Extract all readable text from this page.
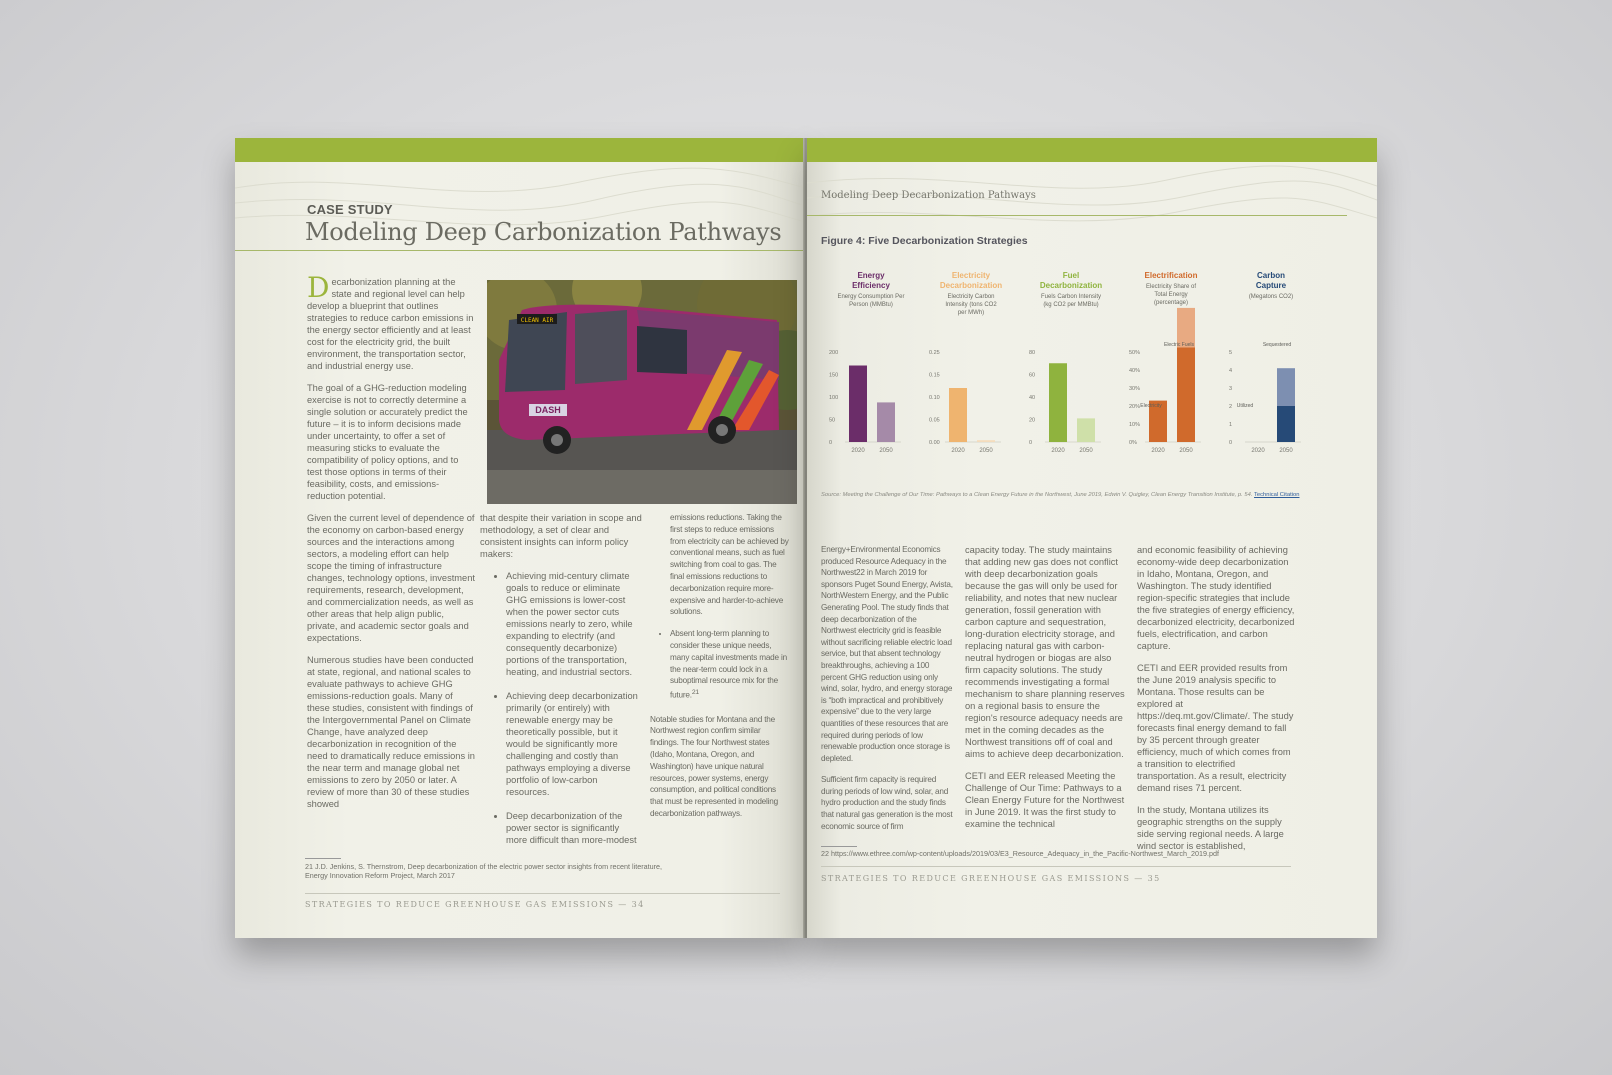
CASE STUDY
Modeling Deep Carbonization Pathways

Decarbonization planning at the state and regional level can help develop a blueprint that outlines strategies to reduce carbon emissions in the energy sector efficiently and at least cost for the electricity grid, the built environment, the transportation sector, and industrial energy use.

The goal of a GHG-reduction modeling exercise is not to correctly determine a single solution or accurately predict the future – it is to inform decisions made under uncertainty, to offer a set of measuring sticks to evaluate the compatibility of policy options, and to test those options in terms of their feasibility, costs, and emissions-reduction potential.

Given the current level of dependence of the economy on carbon-based energy sources and the interactions among sectors, a modeling effort can help scope the timing of infrastructure changes, technology options, investment requirements, research, development, and commercialization needs, as well as other areas that help align public, private, and academic sector goals and expectations.

Numerous studies have been conducted at state, regional, and national scales to evaluate pathways to achieve GHG emissions-reduction goals. Many of these studies, consistent with findings of the Intergovernmental Panel on Climate Change, have analyzed deep decarbonization in recognition of the need to dramatically reduce emissions in the near term and manage global net emissions to zero by 2050 or later. A review of more than 30 of these studies showed

CLEAN AIR
DASH

that despite their variation in scope and methodology, a set of clear and consistent insights can inform policy makers:

• Achieving mid-century climate goals to reduce or eliminate GHG emissions is lower-cost when the power sector cuts emissions nearly to zero, while expanding to electrify (and consequently decarbonize) portions of the transportation, heating, and industrial sectors.
• Achieving deep decarbonization primarily (or entirely) with renewable energy may be theoretically possible, but it would be significantly more challenging and costly than pathways employing a diverse portfolio of low-carbon resources.
• Deep decarbonization of the power sector is significantly more difficult than more-modest

emissions reductions. Taking the first steps to reduce emissions from electricity can be achieved by conventional means, such as fuel switching from coal to gas. The final emissions reductions to decarbonization require more-expensive and harder-to-achieve solutions.

• Absent long-term planning to consider these unique needs, many capital investments made in the near-term could lock in a suboptimal resource mix for the future.$^{21}$

Notable studies for Montana and the Northwest region confirm similar findings. The four Northwest states (Idaho, Montana, Oregon, and Washington) have unique natural resources, power systems, energy consumption, and political conditions that must be represented in modeling decarbonization pathways.

21 J.D. Jenkins, S. Thernstrom, Deep decarbonization of the electric power sector insights from recent literature, Energy Innovation Reform Project, March 2017
STRATEGIES TO REDUCE GREENHOUSE GAS EMISSIONS — 34
Modeling Deep Decarbonization Pathways
Figure 4: Five Decarbonization Strategies
Energy
Efficiency
Energy Consumption Per
Person (MMBtu)
200
150
100
50
0
2020 2050
Electricity
Decarbonization
Electricity Carbon
Intensity (tons CO2
per MWh)
0.25
0.15
0.10
0.05
0.00
2020 2050
Fuel
Decarbonization
Fuels Carbon Intensity
(kg CO2 per MMBtu)
80
60
40
20
0
2020 2050
Electrification
Electricity Share of
Total Energy
(percentage)
50%
40%
30%
20%
10%
0%
Electricity
Electric Fuels
2020 2050
Carbon
Capture
(Megatons CO2)
5
4
3
2
1
0
Utilized
Sequestered
2020 2050
Source: Meeting the Challenge of Our Time: Pathways to a Clean Energy Future in the Northwest, June 2019, Edwin V. Quigley, Clean Energy Transition Institute, p. 54. Technical Citation

Energy+Environmental Economics produced Resource Adequacy in the Northwest22 in March 2019 for sponsors Puget Sound Energy, Avista, NorthWestern Energy, and the Public Generating Pool. The study finds that deep decarbonization of the Northwest electricity grid is feasible without sacrificing reliable electric load service, but that absent technology breakthroughs, achieving a 100 percent GHG reduction using only wind, solar, hydro, and energy storage is “both impractical and prohibitively expensive” due to the very large quantities of these resources that are required during periods of low renewable production once storage is depleted.

Sufficient firm capacity is required during periods of low wind, solar, and hydro production and the study finds that natural gas generation is the most economic source of firm

capacity today. The study maintains that adding new gas does not conflict with deep decarbonization goals because the gas will only be used for reliability, and notes that new nuclear generation, fossil generation with carbon capture and sequestration, long-duration electricity storage, and replacing natural gas with carbon-neutral hydrogen or biogas are also firm capacity solutions. The study recommends investigating a formal mechanism to share planning reserves on a regional basis to ensure the region's resource adequacy needs are met in the coming decades as the Northwest transitions off of coal and aims to achieve deep decarbonization.

CETI and EER released Meeting the Challenge of Our Time: Pathways to a Clean Energy Future for the Northwest in June 2019. It was the first study to examine the technical

and economic feasibility of achieving economy-wide deep decarbonization in Idaho, Montana, Oregon, and Washington. The study identified region-specific strategies that include the five strategies of energy efficiency, decarbonized electricity, decarbonized fuels, electrification, and carbon capture.

CETI and EER provided results from the June 2019 analysis specific to Montana. Those results can be explored at https://deq.mt.gov/Climate/. The study forecasts final energy demand to fall by 35 percent through greater efficiency, much of which comes from a transition to electrified transportation. As a result, electricity demand rises 71 percent.

In the study, Montana utilizes its geographic strengths on the supply side serving regional needs. A large wind sector is established,

22 https://www.ethree.com/wp-content/uploads/2019/03/E3_Resource_Adequacy_in_the_Pacific-Northwest_March_2019.pdf
STRATEGIES TO REDUCE GREENHOUSE GAS EMISSIONS — 35
